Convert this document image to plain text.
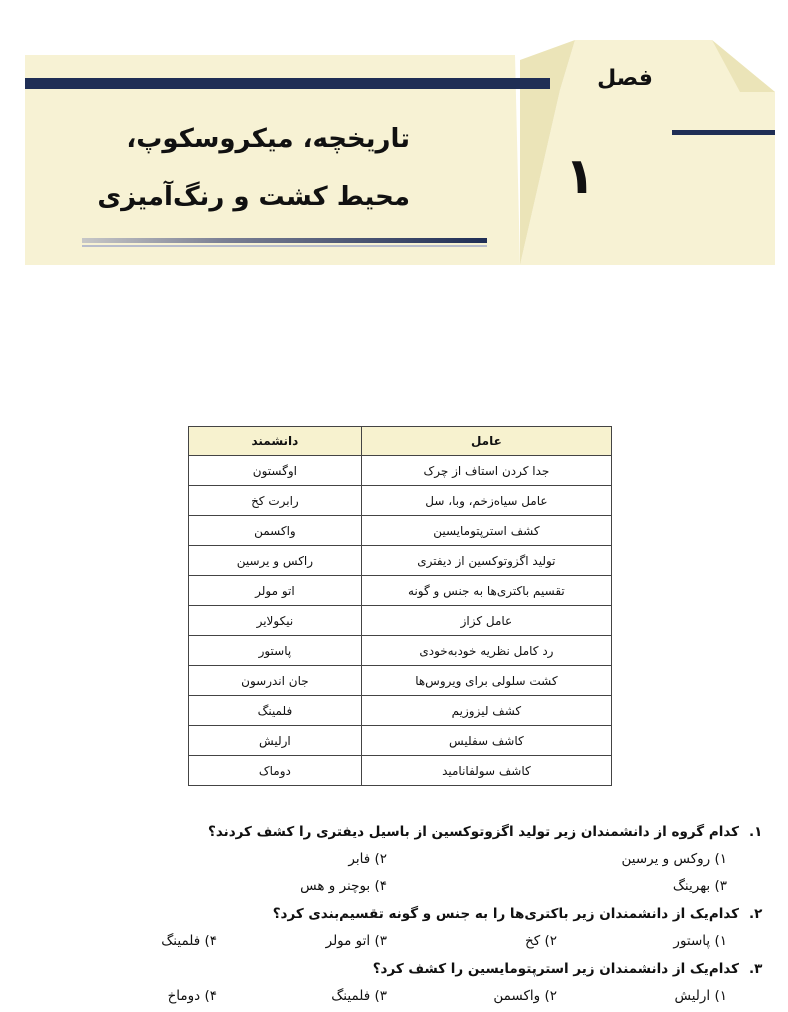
فصل
۱
تاریخچه، میکروسکوپ،
محیط کشت و رنگ‌آمیزی
عامل	دانشمند
جدا کردن استاف از چرک	اوگستون
عامل سیاه‌زخم، وبا، سل	رابرت کخ
کشف استرپتومایسین	واکسمن
تولید اگزوتوکسین از دیفتری	راکس و یرسین
تقسیم باکتری‌ها به جنس و گونه	اتو مولر
عامل کزاز	نیکولایر
رد کامل نظریه خودبه‌خودی	پاستور
کشت سلولی برای ویروس‌ها	جان اندرسون
کشف لیزوزیم	فلمینگ
کاشف سفلیس	ارلیش
کاشف سولفانامید	دوماک
۱.
کدام گروه از دانشمندان زیر تولید اگزوتوکسین از باسیل دیفتری را کشف کردند؟
۱) روکس و یرسین
۲) فابر
۳) بهرینگ
۴) بوچنر و هس
۲.
کدام‌یک از دانشمندان زیر باکتری‌ها را به جنس و گونه تقسیم‌بندی کرد؟
۱) پاستور
۲) کخ
۳) اتو مولر
۴) فلمینگ
۳.
کدام‌یک از دانشمندان زیر استرپتومایسین را کشف کرد؟
۱) ارلیش
۲) واکسمن
۳) فلمینگ
۴) دوماخ
